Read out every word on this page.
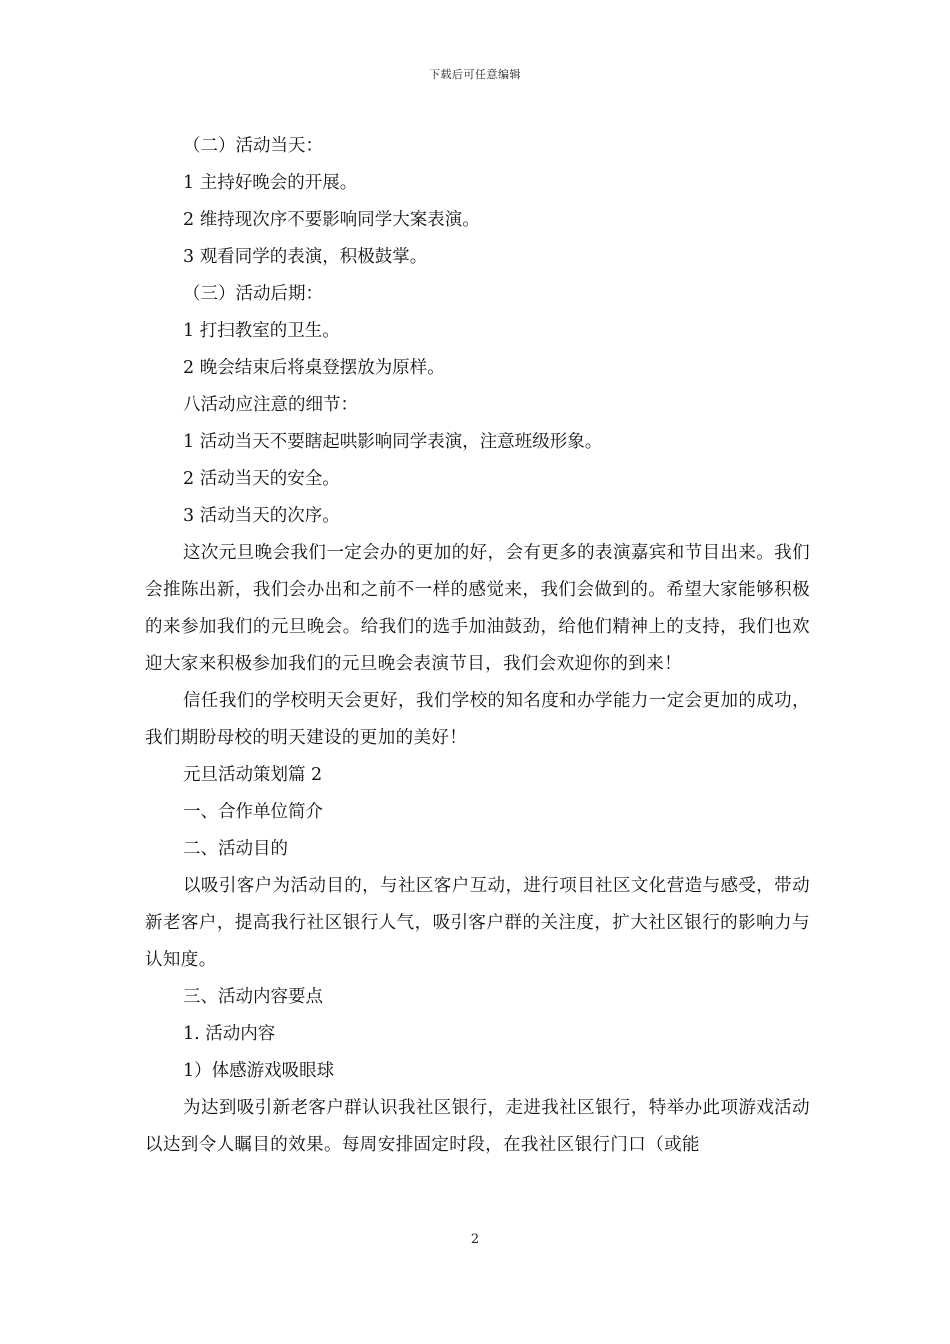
下载后可任意编辑
（二）活动当天：
1 主持好晚会的开展。
2 维持现次序不要影响同学大案表演。
3 观看同学的表演，积极鼓掌。
（三）活动后期：
1 打扫教室的卫生。
2 晚会结束后将桌登摆放为原样。
八活动应注意的细节：
1 活动当天不要瞎起哄影响同学表演，注意班级形象。
2 活动当天的安全。
3 活动当天的次序。

这次元旦晚会我们一定会办的更加的好，会有更多的表演嘉宾和节目出来。我们会推陈出新，我们会办出和之前不一样的感觉来，我们会做到的。希望大家能够积极的来参加我们的元旦晚会。给我们的选手加油鼓劲，给他们精神上的支持，我们也欢迎大家来积极参加我们的元旦晚会表演节目，我们会欢迎你的到来！

信任我们的学校明天会更好，我们学校的知名度和办学能力一定会更加的成功，我们期盼母校的明天建设的更加的美好！

元旦活动策划篇 2
一、合作单位简介
二、活动目的

以吸引客户为活动目的，与社区客户互动，进行项目社区文化营造与感受，带动新老客户，提高我行社区银行人气，吸引客户群的关注度，扩大社区银行的影响力与认知度。

三、活动内容要点
1. 活动内容
1）体感游戏吸眼球

为达到吸引新老客户群认识我社区银行，走进我社区银行，特举办此项游戏活动以达到令人瞩目的效果。每周安排固定时段，在我社区银行门口（或能

2
